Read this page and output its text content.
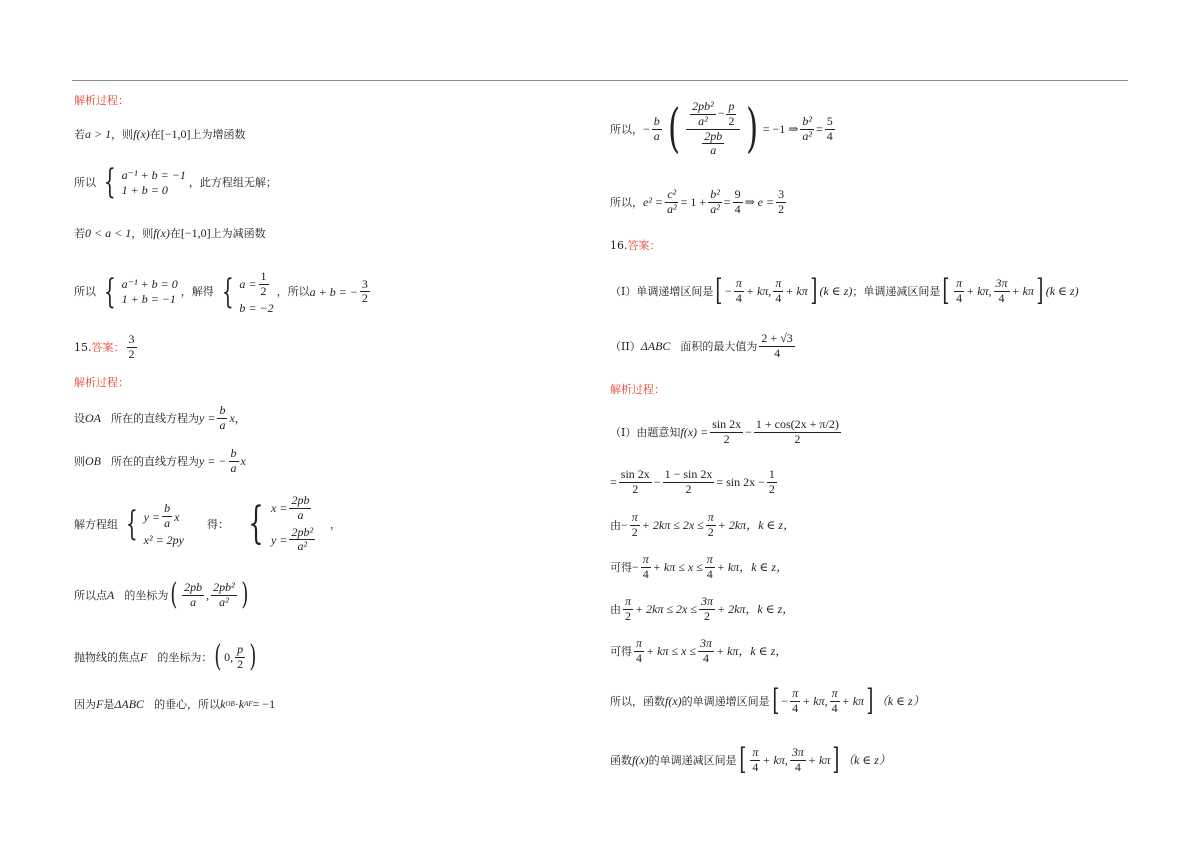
解析过程：
若 a > 1 ，则 f(x) 在 [−1,0] 上为增函数
所以 { a⁻¹ + b = −1
1 + b = 0
，此方程组无解；
若 0 < a < 1 ，则 f(x) 在 [−1,0] 上为减函数
所以 { a⁻¹ + b = 0
1 + b = −1
，解得 { $a = \frac{1}{2}$
b = −2
，所以 a + b = − $\frac{3}{2}$
15. 答案： $\frac{3}{2}$
解析过程：
设 OA 所在的直线方程为 $y = \frac{b}{a}$ x ，
则 OB 所在的直线方程为 y = − $\frac{b}{a}$ x
解方程组 { $y = \frac{b}{a}$ x
x² = 2py
得： { $x = \frac{2pb}{a}$
$y = \frac{\text{2pb²}}{\text{a²}}$
，
所以点 A 的坐标为 ( $\frac{2pb}{a}$ , $\frac{\text{2pb²}}{\text{a²}}$ )
抛物线的焦点 F 的坐标为： ( 0, $\frac{p}{2}$ )
因为 F 是 ΔABC 的垂心，所以 k OB · k AF = −1
所以， − $\frac{b}{a}$ ( $\frac{\frac{\text{2pb²}}{\text{a²}} - \frac{p}{2}}{\frac{2pb}{a}}$ ) = −1 ⇒ $\frac{\text{b²}}{\text{a²}} = \frac{5}{4}$
所以， $e^2 = \frac{\text{c²}}{\text{a²}} = 1 + \frac{\text{b²}}{\text{a²}} = \frac{9}{4}$ ⇒ $e = \frac{3}{2}$
16. 答案：
（I）单调递增区间是 [ − $\frac{\pi}{4} + k\pi$, $\frac{\pi}{4} + k\pi$ ] (k ∈ z) ；单调递减区间是 [ $\frac{\pi}{4} + k\pi$, $\frac{3\pi}{4} + k\pi$ ] (k ∈ z)
（II） ΔABC 面积的最大值为 $\frac{2 + √3}{4}$
解析过程：
（I）由题意知 $f(x) = \frac{\sin 2x}{2} - \frac{1 + \cos(2x + \pi/2)}{2}$
= $\frac{\sin 2x}{2} - \frac{1 - \sin 2x}{2} = \sin 2x - \frac{1}{2}$
由 − $\frac{\pi}{2} + 2k\pi \le 2x \le \frac{\pi}{2} + 2k\pi$， k ∈ z，
可得 − $\frac{\pi}{4} + k\pi \le x \le \frac{\pi}{4} + k\pi$， k ∈ z，
由 $\frac{\pi}{2} + 2k\pi \le 2x \le \frac{3\pi}{2} + 2k\pi$， k ∈ z，
可得 $\frac{\pi}{4} + k\pi \le x \le \frac{3\pi}{4} + k\pi$， k ∈ z，
所以，函数 f(x) 的单调递增区间是 [ − $\frac{\pi}{4} + k\pi$, $\frac{\pi}{4} + k\pi$ ] （k ∈ z）
函数 f(x) 的单调递减区间是 [ $\frac{\pi}{4} + k\pi$, $\frac{3\pi}{4} + k\pi$ ] （k ∈ z）
